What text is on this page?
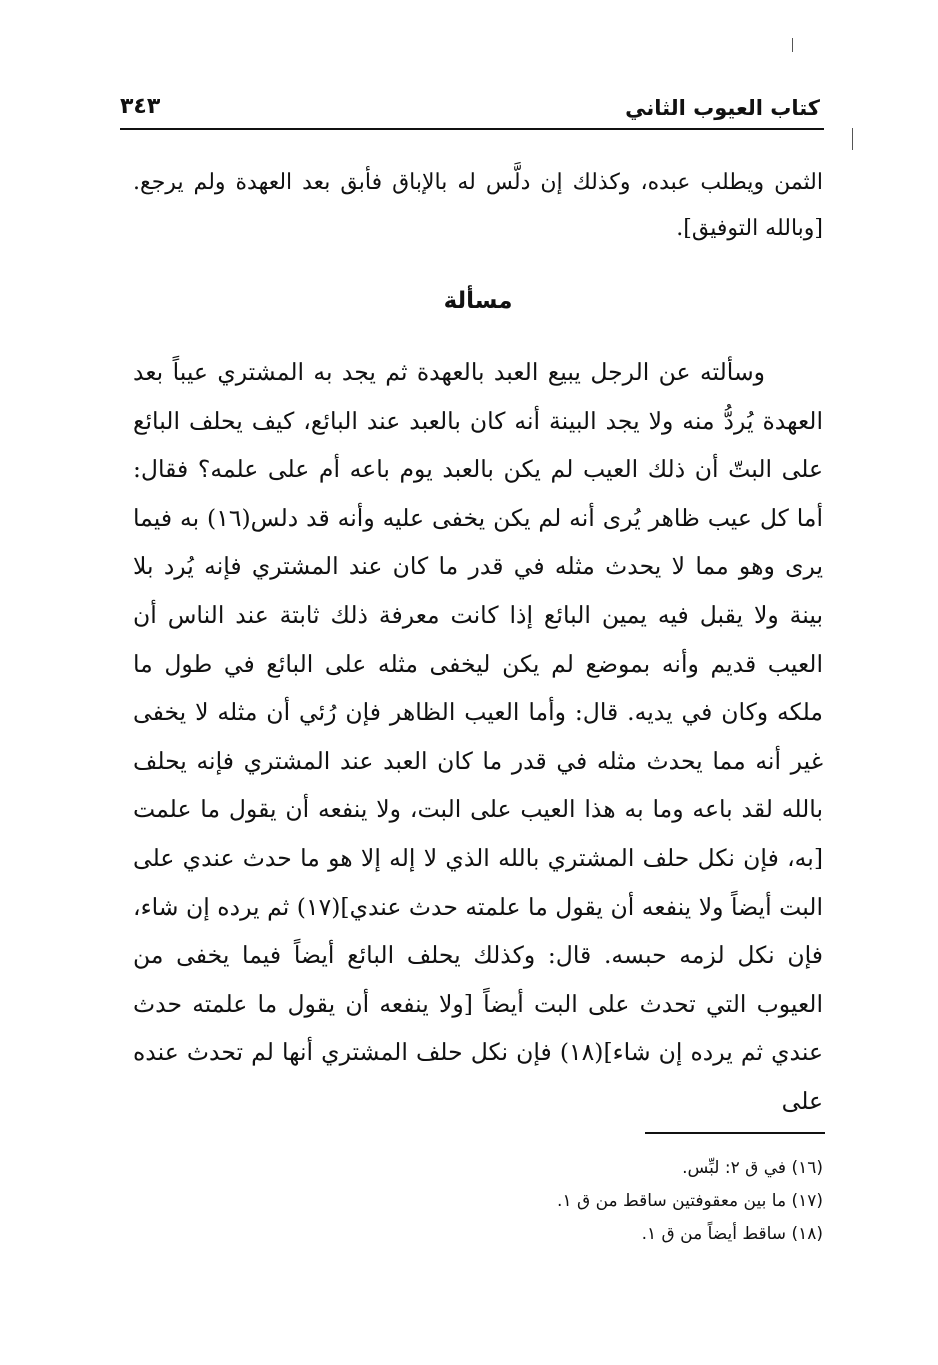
كتاب العيوب الثاني
٣٤٣

الثمن ويطلب عبده، وكذلك إن دلَّس له بالإباق فأبق بعد العهدة ولم يرجع. [وبالله التوفيق].

مسألة

وسألته عن الرجل يبيع العبد بالعهدة ثم يجد به المشتري عيباً بعد العهدة يُردُّ منه ولا يجد البينة أنه كان بالعبد عند البائع، كيف يحلف البائع على البتّ أن ذلك العيب لم يكن بالعبد يوم باعه أم على علمه؟ فقال: أما كل عيب ظاهر يُرى أنه لم يكن يخفى عليه وأنه قد دلس(١٦) به فيما يرى وهو مما لا يحدث مثله في قدر ما كان عند المشتري فإنه يُرد بلا بينة ولا يقبل فيه يمين البائع إذا كانت معرفة ذلك ثابتة عند الناس أن العيب قديم وأنه بموضع لم يكن ليخفى مثله على البائع في طول ما ملكه وكان في يديه. قال: وأما العيب الظاهر فإن رُئي أن مثله لا يخفى غير أنه مما يحدث مثله في قدر ما كان العبد عند المشتري فإنه يحلف بالله لقد باعه وما به هذا العيب على البت، ولا ينفعه أن يقول ما علمت [به، فإن نكل حلف المشتري بالله الذي لا إله إلا هو ما حدث عندي على البت أيضاً ولا ينفعه أن يقول ما علمته حدث عندي](١٧) ثم يرده إن شاء، فإن نكل لزمه حبسه. قال: وكذلك يحلف البائع أيضاً فيما يخفى من العيوب التي تحدث على البت أيضاً [ولا ينفعه أن يقول ما علمته حدث عندي ثم يرده إن شاء](١٨) فإن نكل حلف المشتري أنها لم تحدث عنده على

(١٦) في ق ٢: لبِّس.
(١٧) ما بين معقوفتين ساقط من ق ١.
(١٨) ساقط أيضاً من ق ١.
